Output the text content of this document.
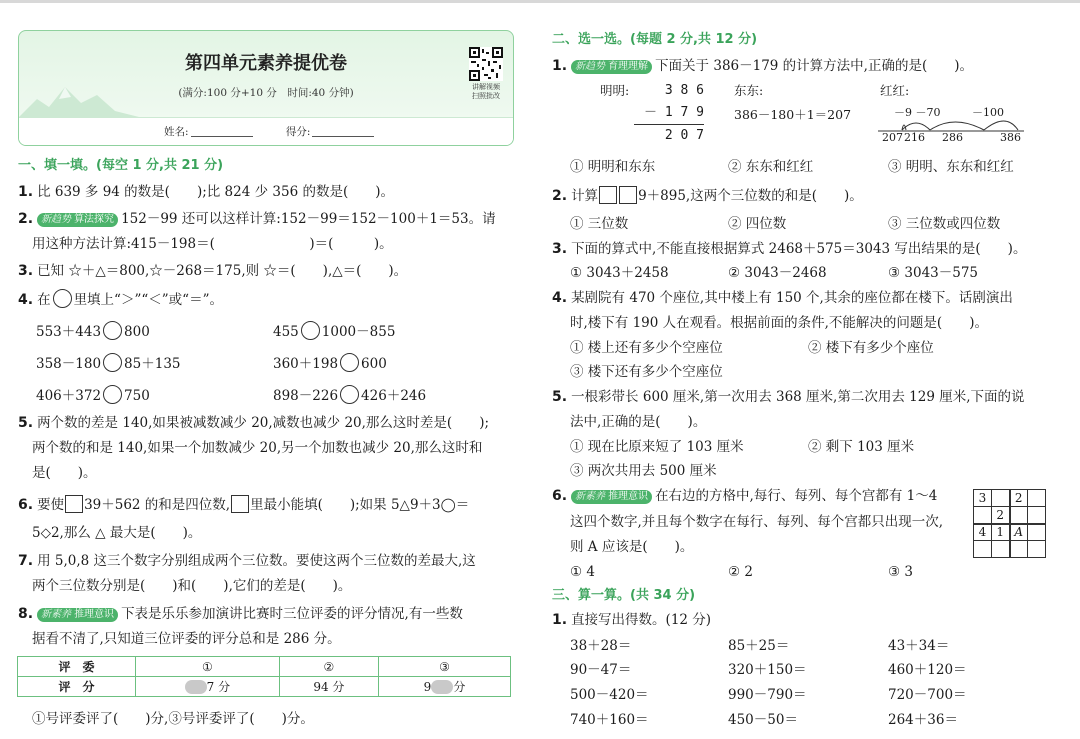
第四单元素养提优卷
(满分:100 分+10 分　时间:40 分钟)	讲解视频
扫照批改
姓名:	得分:
一、填一填。(每空 1 分,共 21 分)
1. 比 639 多 94 的数是(　　);比 824 少 356 的数是(　　)。
2. 新趋势 算法探究 152－99 还可以这样计算:152－99＝152－100＋1＝53。请
用这种方法计算:415－198＝(　　　　　　　)＝(　　　)。
3. 已知 ☆＋△＝800,☆－268＝175,则 ☆＝(　　),△＝(　　)。
4. 在 里填上“＞”“＜”或“＝”。
553＋443 800	455 1000－855
358－180 85＋135	360＋198 600
406＋372 750	898－226 426＋246
5. 两个数的差是 140,如果被减数减少 20,减数也减少 20,那么这时差是(　　);
两个数的和是 140,如果一个加数减少 20,另一个加数也减少 20,那么这时和
是(　　)。
6. 要使 39＋562 的和是四位数, 里最小能填(　　);如果 5△9＋3◯＝
5◇2,那么 △ 最大是(　　)。
7. 用 5,0,8 这三个数字分别组成两个三位数。要使这两个三位数的差最大,这
两个三位数分别是(　　)和(　　),它们的差是(　　)。
8. 新素养 推理意识 下表是乐乐参加演讲比赛时三位评委的评分情况,有一些数
据看不清了,只知道三位评委的评分总和是 286 分。
①号评委评了(　　)分,③号评委评了(　　)分。
评　委	①	②	③
评　分	7 分	94 分	9 分
二、选一选。(每题 2 分,共 12 分)
1. 新趋势 育理理解 下面关于 386－179 的计算方法中,正确的是(　　)。
明明:	3 8 6
－ 1 7 9
2 0 7
东东:
386－180＋1＝207
红红:
－9 －70	－100
207 216 286	386
① 明明和东东	② 东东和红红	③ 明明、东东和红红
2. 计算	9＋895,这两个三位数的和是(　　)。
① 三位数	② 四位数	③ 三位数或四位数
3. 下面的算式中,不能直接根据算式 2468＋575＝3043 写出结果的是(　　)。
① 3043＋2458	② 3043－2468	③ 3043－575
4. 某剧院有 470 个座位,其中楼上有 150 个,其余的座位都在楼下。话剧演出
时,楼下有 190 人在观看。根据前面的条件,不能解决的问题是(　　)。
① 楼上还有多少个空座位	② 楼下有多少个座位
③ 楼下还有多少个空座位
5. 一根彩带长 600 厘米,第一次用去 368 厘米,第二次用去 129 厘米,下面的说
法中,正确的是(　　)。
① 现在比原来短了 103 厘米	② 剩下 103 厘米
③ 两次共用去 500 厘米
6. 新素养 推理意识 在右边的方格中,每行、每列、每个宫都有 1～4
这四个数字,并且每个数字在每行、每列、每个宫都只出现一次,
则 A 应该是(　　)。
① 4	② 2	③ 3
三、算一算。(共 34 分)
1. 直接写出得数。(12 分)
38＋28＝	85＋25＝	43＋34＝
90－47＝	320＋150＝	460＋120＝
500－420＝	990－790＝	720－700＝
740＋160＝	450－50＝	264＋36＝
3		2	
	2		
4	1	A	
